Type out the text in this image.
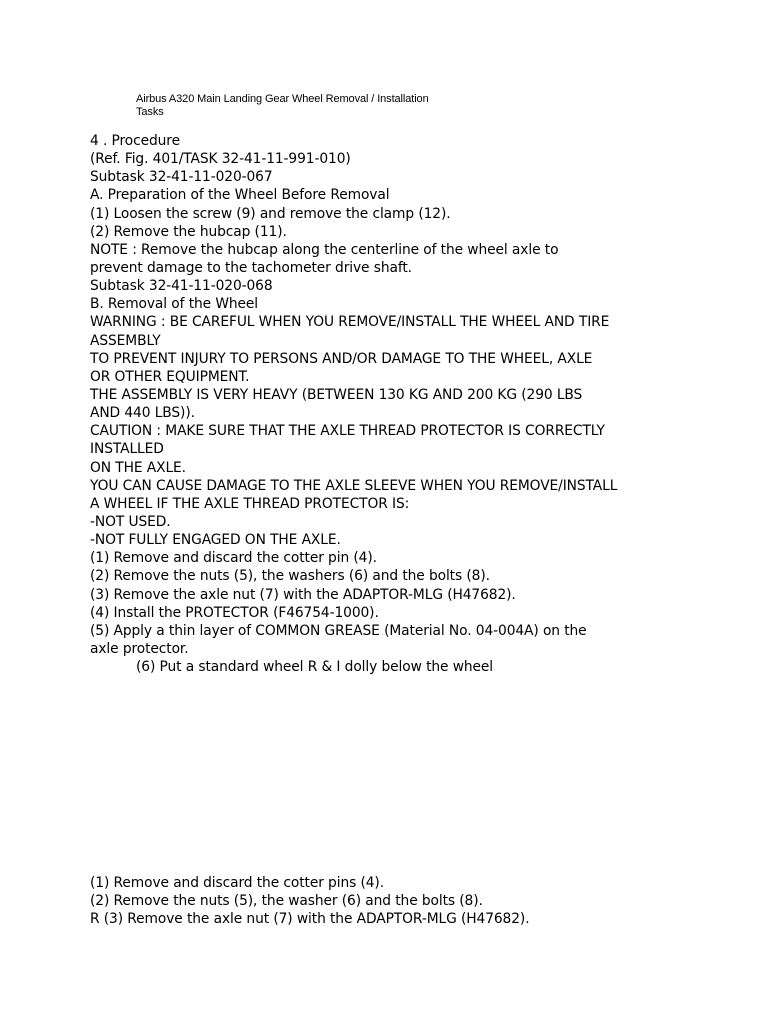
Airbus A320 Main Landing Gear Wheel Removal / Installation
Tasks
4 . Procedure
(Ref. Fig. 401/TASK 32-41-11-991-010)
Subtask 32-41-11-020-067
A. Preparation of the Wheel Before Removal
(1) Loosen the screw (9) and remove the clamp (12).
(2) Remove the hubcap (11).
NOTE : Remove the hubcap along the centerline of the wheel axle to
prevent damage to the tachometer drive shaft.
Subtask 32-41-11-020-068
B. Removal of the Wheel
WARNING : BE CAREFUL WHEN YOU REMOVE/INSTALL THE WHEEL AND TIRE
ASSEMBLY
TO PREVENT INJURY TO PERSONS AND/OR DAMAGE TO THE WHEEL, AXLE
OR OTHER EQUIPMENT.
THE ASSEMBLY IS VERY HEAVY (BETWEEN 130 KG AND 200 KG (290 LBS
AND 440 LBS)).
CAUTION : MAKE SURE THAT THE AXLE THREAD PROTECTOR IS CORRECTLY
INSTALLED
ON THE AXLE.
YOU CAN CAUSE DAMAGE TO THE AXLE SLEEVE WHEN YOU REMOVE/INSTALL
A WHEEL IF THE AXLE THREAD PROTECTOR IS:
-NOT USED.
-NOT FULLY ENGAGED ON THE AXLE.
(1) Remove and discard the cotter pin (4).
(2) Remove the nuts (5), the washers (6) and the bolts (8).
(3) Remove the axle nut (7) with the ADAPTOR-MLG (H47682).
(4) Install the PROTECTOR (F46754-1000).
(5) Apply a thin layer of COMMON GREASE (Material No. 04-004A) on the
axle protector.
(6) Put a standard wheel R & I dolly below the wheel
(1) Remove and discard the cotter pins (4).
(2) Remove the nuts (5), the washer (6) and the bolts (8).
R (3) Remove the axle nut (7) with the ADAPTOR-MLG (H47682).
